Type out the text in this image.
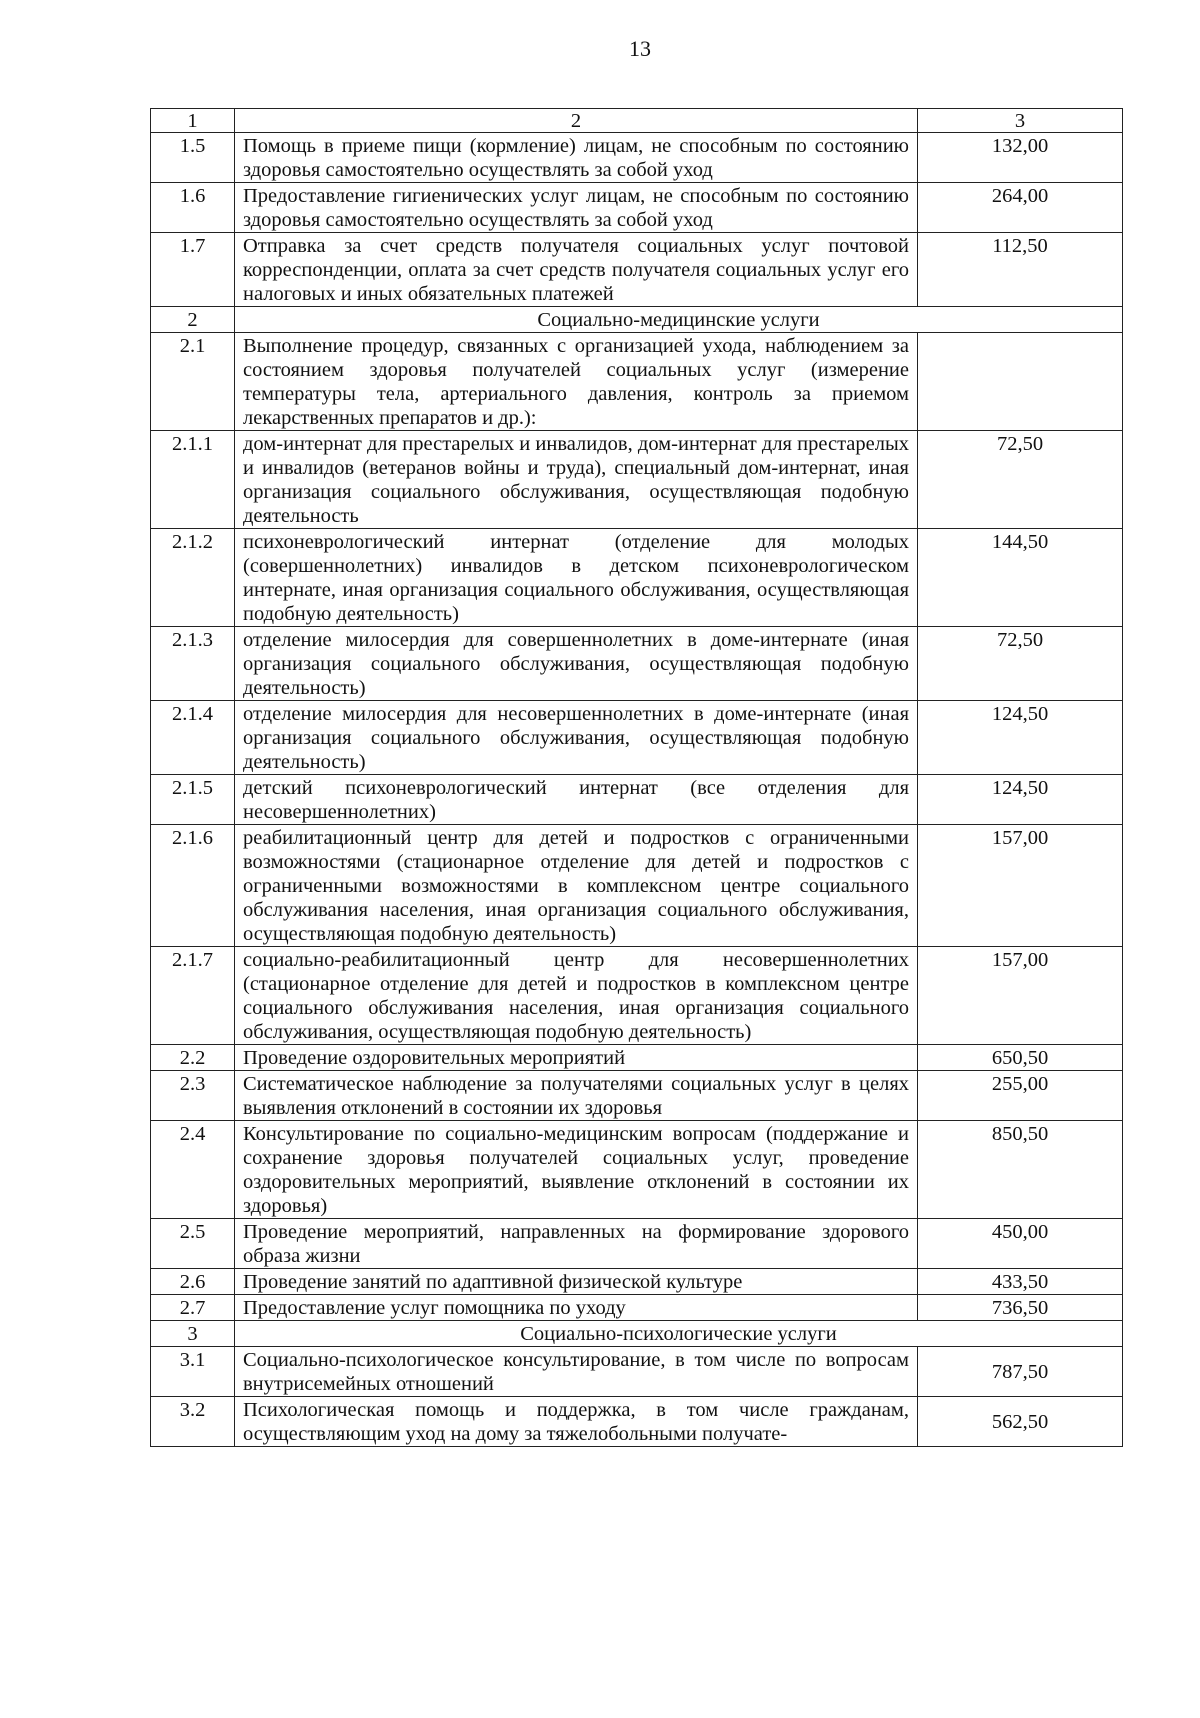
13
1	2	3
1.5	Помощь в приеме пищи (кормление) лицам, не способным по состоянию здоровья самостоятельно осуществлять за собой уход	132,00
1.6	Предоставление гигиенических услуг лицам, не способным по состоянию здоровья самостоятельно осуществлять за собой уход	264,00
1.7	Отправка за счет средств получателя социальных услуг почтовой корреспонденции, оплата за счет средств получателя социальных услуг его налоговых и иных обязательных платежей	112,50
2	Социально-медицинские услуги	
2.1	Выполнение процедур, связанных с организацией ухода, наблюдением за состоянием здоровья получателей социальных услуг (измерение температуры тела, артериального давления, контроль за приемом лекарственных препаратов и др.):	
2.1.1	дом-интернат для престарелых и инвалидов, дом-интернат для престарелых и инвалидов (ветеранов войны и труда), специальный дом-интернат, иная организация социального обслуживания, осуществляющая подобную деятельность	72,50
2.1.2	психоневрологический интернат (отделение для молодых (совершеннолетних) инвалидов в детском психоневрологическом интернате, иная организация социального обслуживания, осуществляющая подобную деятельность)	144,50
2.1.3	отделение милосердия для совершеннолетних в доме-интернате (иная организация социального обслуживания, осуществляющая подобную деятельность)	72,50
2.1.4	отделение милосердия для несовершеннолетних в доме-интернате (иная организация социального обслуживания, осуществляющая подобную деятельность)	124,50
2.1.5	детский психоневрологический интернат (все отделения для несовершеннолетних)	124,50
2.1.6	реабилитационный центр для детей и подростков с ограниченными возможностями (стационарное отделение для детей и подростков с ограниченными возможностями в комплексном центре социального обслуживания населения, иная организация социального обслуживания, осуществляющая подобную деятельность)	157,00
2.1.7	социально-реабилитационный центр для несовершеннолетних (стационарное отделение для детей и подростков в комплексном центре социального обслуживания населения, иная организация социального обслуживания, осуществляющая подобную деятельность)	157,00
2.2	Проведение оздоровительных мероприятий	650,50
2.3	Систематическое наблюдение за получателями социальных услуг в целях выявления отклонений в состоянии их здоровья	255,00
2.4	Консультирование по социально-медицинским вопросам (поддержание и сохранение здоровья получателей социальных услуг, проведение оздоровительных мероприятий, выявление отклонений в состоянии их здоровья)	850,50
2.5	Проведение мероприятий, направленных на формирование здорового образа жизни	450,00
2.6	Проведение занятий по адаптивной физической культуре	433,50
2.7	Предоставление услуг помощника по уходу	736,50
3	Социально-психологические услуги	
3.1	Социально-психологическое консультирование, в том числе по вопросам внутрисемейных отношений	787,50
3.2	Психологическая помощь и поддержка, в том числе гражданам, осуществляющим уход на дому за тяжелобольными получате-	562,50
